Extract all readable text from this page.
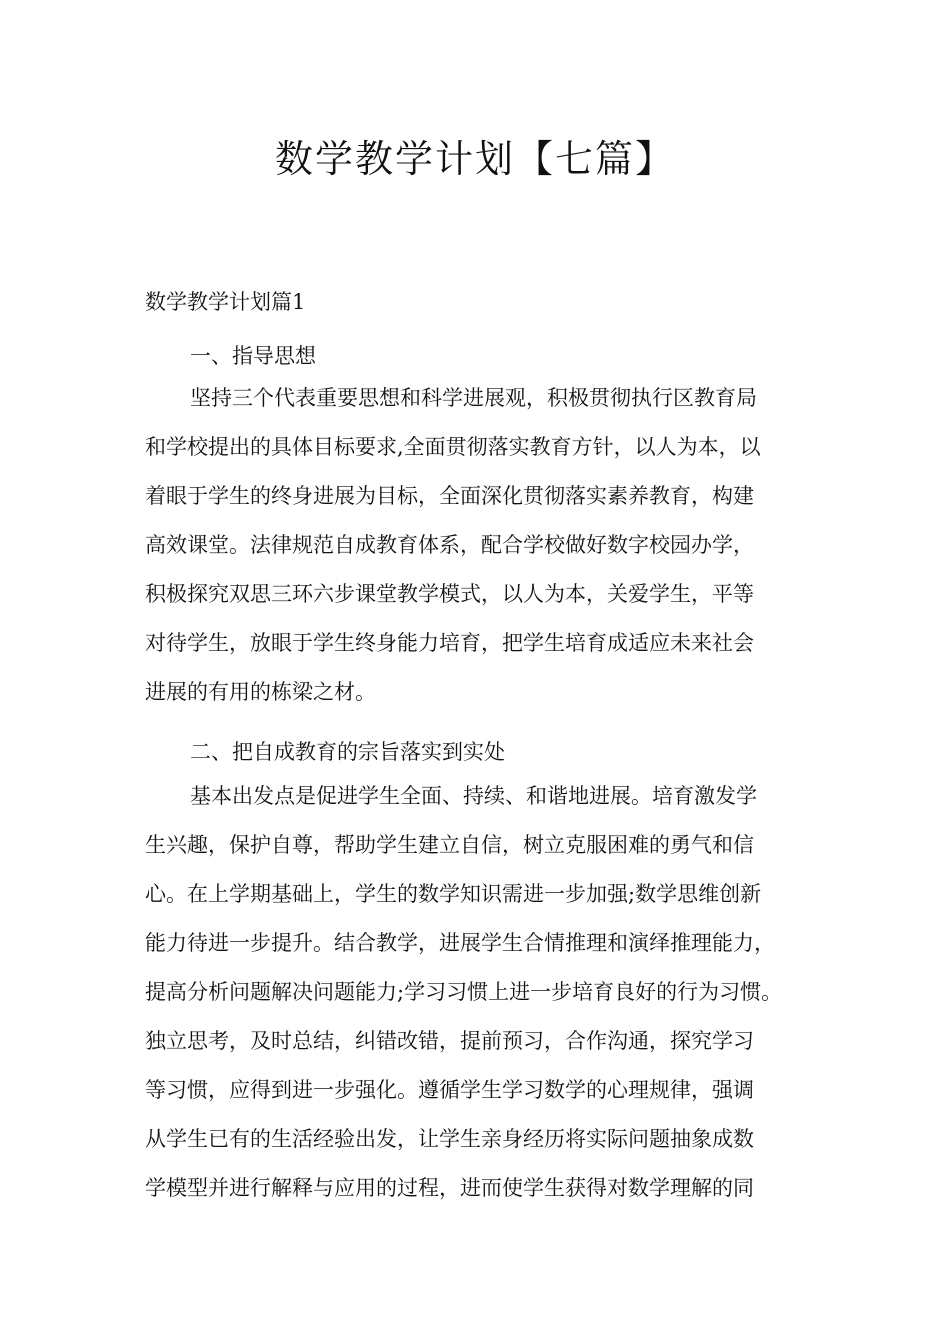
数学教学计划【七篇】

数学教学计划篇1

一、指导思想

坚持三个代表重要思想和科学进展观，积极贯彻执行区教育局
和学校提出的具体目标要求,全面贯彻落实教育方针，以人为本，以
着眼于学生的终身进展为目标，全面深化贯彻落实素养教育，构建
高效课堂。法律规范自成教育体系，配合学校做好数字校园办学，
积极探究双思三环六步课堂教学模式，以人为本，关爱学生，平等
对待学生，放眼于学生终身能力培育，把学生培育成适应未来社会
进展的有用的栋梁之材。

二、把自成教育的宗旨落实到实处

基本出发点是促进学生全面、持续、和谐地进展。培育激发学
生兴趣，保护自尊，帮助学生建立自信，树立克服困难的勇气和信
心。在上学期基础上，学生的数学知识需进一步加强;数学思维创新
能力待进一步提升。结合教学，进展学生合情推理和演绎推理能力，
提高分析问题解决问题能力;学习习惯上进一步培育良好的行为习惯。
独立思考，及时总结，纠错改错，提前预习，合作沟通，探究学习
等习惯，应得到进一步强化。遵循学生学习数学的心理规律，强调
从学生已有的生活经验出发，让学生亲身经历将实际问题抽象成数
学模型并进行解释与应用的过程，进而使学生获得对数学理解的同
